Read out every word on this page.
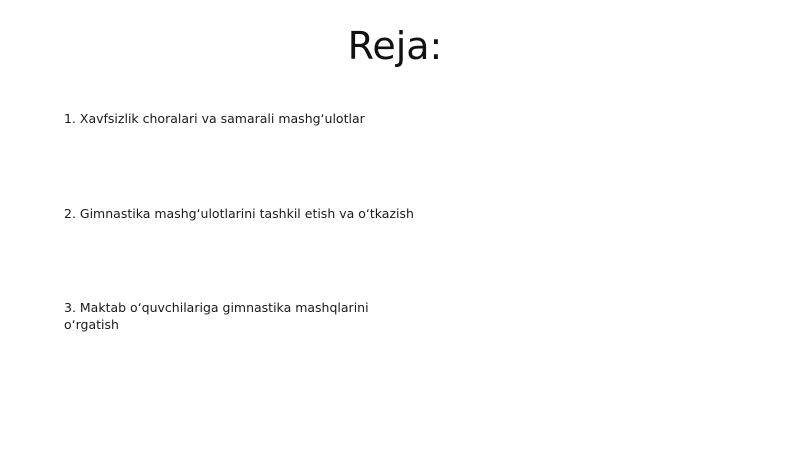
Reja:

1. Xavfsizlik choralari va samarali mashg‘ulotlar

2. Gimnastika mashg‘ulotlarini tashkil etish va o‘tkazish

3. Maktab o‘quvchilariga gimnastika mashqlarini o‘rgatish
